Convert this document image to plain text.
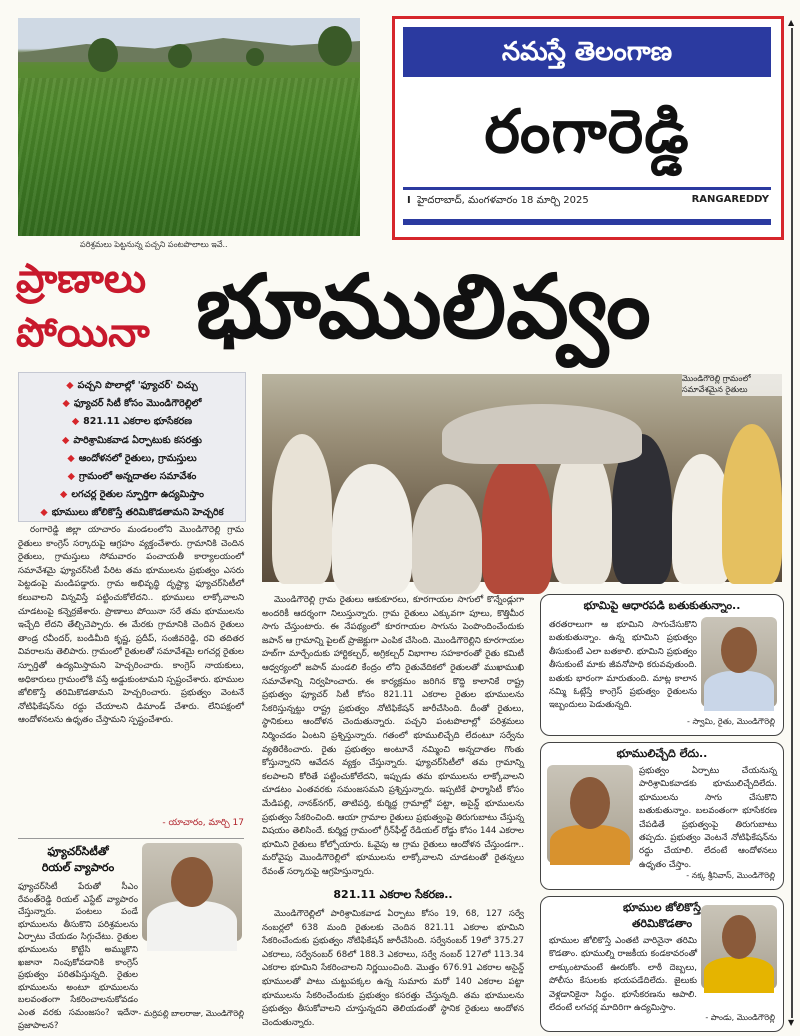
పరిశ్రమలు పెట్టనున్న పచ్చని పంటపొలాలు ఇవే..
నమస్తే తెలంగాణ
రంగారెడ్డి
I హైదరాబాద్, మంగళవారం 18 మార్చి 2025	RANGAREDDY
ప్రాణాలు
పోయినా భూములివ్వం
◆ పచ్చని పొలాల్లో 'ఫ్యూచర్' చిచ్చు
◆ ఫ్యూచర్ సిటీ కోసం మొండిగౌరెల్లిలో
◆ 821.11 ఎకరాల భూసేకరణ
◆ పారిశ్రామికవాడ ఏర్పాటుకు కసరత్తు
◆ ఆందోళనలో రైతులు, గ్రామస్తులు
◆ గ్రామంలో అన్నదాతల సమావేశం
◆ లగచర్ల రైతుల స్ఫూర్తిగా ఉద్యమిస్తాం
◆ భూములు జోలికొస్తే తరిమికొడతామని హెచ్చరిక
మొండిగౌరెల్లి గ్రామంలో సమావేశమైన రైతులు
రంగారెడ్డి జిల్లా యాచారం మండలంలోని మొండిగౌరెల్లి గ్రామ రైతులు కాంగ్రెస్ సర్కారుపై ఆగ్రహం వ్యక్తంచేశారు. గ్రామానికి చెందిన రైతులు, గ్రామస్తులు సోమవారం పంచాయతీ కార్యాలయంలో సమావేశమై ఫ్యూచర్‌సిటీ పేరిట తమ భూములను ప్రభుత్వం ఎసరు పెట్టడంపై మండిపడ్డారు. గ్రామ అభివృద్ధి దృష్ట్యా ఫ్యూచర్‌సిటీలో కలువాలని విన్నవిస్తే పట్టించుకోలేదని.. భూములు లాక్కోవాలని చూడటంపై కన్నెర్రజేశారు. ప్రాణాలు పోయినా సరే తమ భూములను ఇచ్చేది లేదని తేల్చిచెప్పారు. ఈ మేరకు గ్రామానికి చెందిన రైతులు తాండ్ర రవీందర్, బండిమీది కృష్ణ, ప్రదీప్, సంజీవరెడ్డి, రవి తదితర వివరాలను తెలిపారు. గ్రామంలో రైతులతో సమావేశమై లగచర్ల రైతుల స్ఫూర్తితో ఉద్యమిస్తామని హెచ్చరించారు. కాంగ్రెస్ నాయకులు, అధికారులు గ్రామంలోకి వస్తే అడ్డుకుంటామని స్పష్టంచేశారు. భూముల జోలికొస్తే తరిమికొడతామని హెచ్చరించారు. ప్రభుత్వం వెంటనే నోటిఫికేషన్‌ను రద్దు చేయాలని డిమాండ్ చేశారు. లేనిపక్షంలో ఆందోళనలను ఉధృతం చేస్తామని స్పష్టంచేశారు.
- యాచారం, మార్చి 17
ఫ్యూచర్‌సిటీతో
రియల్ వ్యాపారం
ఫ్యూచర్‌సిటీ పేరుతో సీఎం రేవంత్‌రెడ్డి రియల్ ఎస్టేట్ వ్యాపారం చేస్తున్నారు. పంటలు పండే భూములను తీసుకొని పరిశ్రమలను ఏర్పాటు చేయడం సిగ్గుచేటు. రైతుల భూములను కొట్టేసి అమ్ముకొని ఖజానా నింపుకోవడానికి కాంగ్రెస్ ప్రభుత్వం పరితపిస్తున్నది. రైతుల భూములను అంటూ భూములను బలవంతంగా సేకరించాలనుకోవడం ఎంత వరకు సమంజసం? ఇదేనా ప్రజాపాలన?
- మర్రిపల్లి బాలరాజు, మొండిగౌరెల్లి
మొండిగౌరెల్లి గ్రామ రైతులు ఆకుకూరలు, కూరగాయల సాగులో కొన్నేండ్లుగా అందరికీ ఆదర్శంగా నిలుస్తున్నారు. గ్రామ రైతులు ఎక్కువగా పూలు, కొత్తిమీర సాగు చేస్తుంటారు. ఈ నేపథ్యంలో కూరగాయల సాగును పెంపొందించేందుకు జపాన్ ఆ గ్రామాన్ని పైలట్ ప్రాజెక్టుగా ఎంపిక చేసింది. మొండిగౌరెల్లిని కూరగాయల హబ్‌గా మార్చేందుకు హార్టికల్చర్, అగ్రికల్చర్ విభాగాల సహకారంతో రైతు కమిటీ ఆధ్వర్యంలో జపాన్ మండలి కేంద్రం లోని రైతువేదికలో రైతులతో ముఖాముఖి సమావేశాన్ని నిర్వహించారు. ఈ కార్యక్రమం జరిగిన కొద్ది కాలానికే రాష్ట్ర ప్రభుత్వం ఫ్యూచర్ సిటీ కోసం 821.11 ఎకరాల రైతుల భూములను సేకరిస్తున్నట్టు రాష్ట్ర ప్రభుత్వం నోటిఫికేషన్ జారీచేసింది. దీంతో రైతులు, స్థానికులు ఆందోళన చెందుతున్నారు. పచ్చని పంటపొలాల్లో పరిశ్రమలు నిర్మించడం ఏంటని ప్రశ్నిస్తున్నారు. గతంలో భూములిచ్చేది లేదంటూ సర్వేను వ్యతిరేకించారు. రైతు ప్రభుత్వం అంటూనే నమ్మించి అన్నదాతల గొంతు కోస్తున్నారని ఆవేదన వ్యక్తం చేస్తున్నారు. ఫ్యూచర్‌సిటీలో తమ గ్రామాన్ని కలపాలని కోరితే పట్టించుకోలేదని, ఇప్పుడు తమ భూములను లాక్కోవాలని చూడటం ఎంతవరకు సమంజసమని ప్రశ్నిస్తున్నారు. ఇప్పటికే ఫార్మాసిటీ కోసం మేడిపల్లి, నానక్‌నగర్, తాటిపర్తి, కుర్మిద్ద గ్రామాల్లో పట్టా, అసైన్డ్ భూములను ప్రభుత్వం సేకరించింది. ఆయా గ్రామాల రైతులు ప్రభుత్వంపై తిరుగుబాటు చేస్తున్న విషయం తెలిసిందే. కుర్మిద్ద గ్రామంలో గ్రీన్‌ఫీల్డ్ రేడియల్ రోడ్డు కోసం 144 ఎకరాల భూమిని రైతులు కోల్పోయారు. ఓవైపు ఆ గ్రామ రైతులు ఆందోళన చేస్తుండగా.. మరోవైపు మొండిగౌరెల్లిలో భూములను లాక్కోవాలని చూడటంతో రైతన్నలు రేవంత్ సర్కారుపై ఆగ్రహిస్తున్నారు.
821.11 ఎకరాల సేకరణ..
మొండిగౌరెల్లిలో పారిశ్రామికవాడ ఏర్పాటు కోసం 19, 68, 127 సర్వే నంబర్లలో 638 మంది రైతులకు చెందిన 821.11 ఎకరాల భూమిని సేకరించేందుకు ప్రభుత్వం నోటిఫికేషన్ జారీచేసింది. సర్వేనంబర్ 19లో 375.27 ఎకరాలు, సర్వేనంబర్ 68లో 188.3 ఎకరాలు, సర్వే నంబర్ 127లో 113.34 ఎకరాల భూమిని సేకరించాలని నిర్ణయించింది. మొత్తం 676.91 ఎకరాల అసైన్డ్ భూములతో పాటు చుట్టుపక్కల ఉన్న సుమారు మరో 140 ఎకరాల పట్టా భూములను సేకరించేందుకు ప్రభుత్వం కసరత్తు చేస్తున్నది. తమ భూములను ప్రభుత్వం తీసుకోవాలని చూస్తున్నదని తెలియడంతో స్థానిక రైతులు ఆందోళన చెందుతున్నారు.
భూమిపై ఆధారపడి బతుకుతున్నాం..
తరతరాలుగా ఆ భూమిని సాగుచేసుకొని బతుకుతున్నాం. ఉన్న భూమిని ప్రభుత్వం తీసుకుంటే ఎలా బతకాలి. భూమిని ప్రభుత్వం తీసుకుంటే మాకు జీవనోపాధి కరువవుతుంది. బతుకు భారంగా మారుతుంది. మాట్ల కాలాన నమ్మి ఓట్లేస్తే కాంగ్రెస్ ప్రభుత్వం రైతులను ఇబ్బందులు పెడుతున్నది.
- స్వామి, రైతు, మొండిగౌరెల్లి
భూములిచ్చేది లేదు..
ప్రభుత్వం ఏర్పాటు చేయనున్న పారిశ్రామికవాడకు భూములిచ్చేదిలేదు. భూములను సాగు చేసుకొని బతుకుతున్నాం. బలవంతంగా భూసేకరణ చేపడితే ప్రభుత్వంపై తిరుగుబాటు తప్పదు. ప్రభుత్వం వెంటనే నోటిఫికేషన్‌ను రద్దు చేయాలి. లేదంటే ఆందోళనలు ఉధృతం చేస్తాం.
- నక్క శ్రీనివాస్, మొండిగౌరెల్లి
భూముల జోలికొస్తే
తరిమికొడతాం
భూముల జోలికొస్తే ఎంతటి వారినైనా తరిమి కొడతాం. భూముల్ని రాజకీయ కండకావరంతో లాక్కుంటామంటే ఊరుకోం. లాఠీ దెబ్బలు, పోలీసు కేసులకు భయపడేదిలేదు. జైలుకు వెళ్లడానికైనా సిద్ధం. భూసేకరణను ఆపాలి. లేదంటే లగచర్ల మాదిరిగా ఉద్యమిస్తాం.
- పాండు, మొండిగౌరెల్లి
▲
▼
